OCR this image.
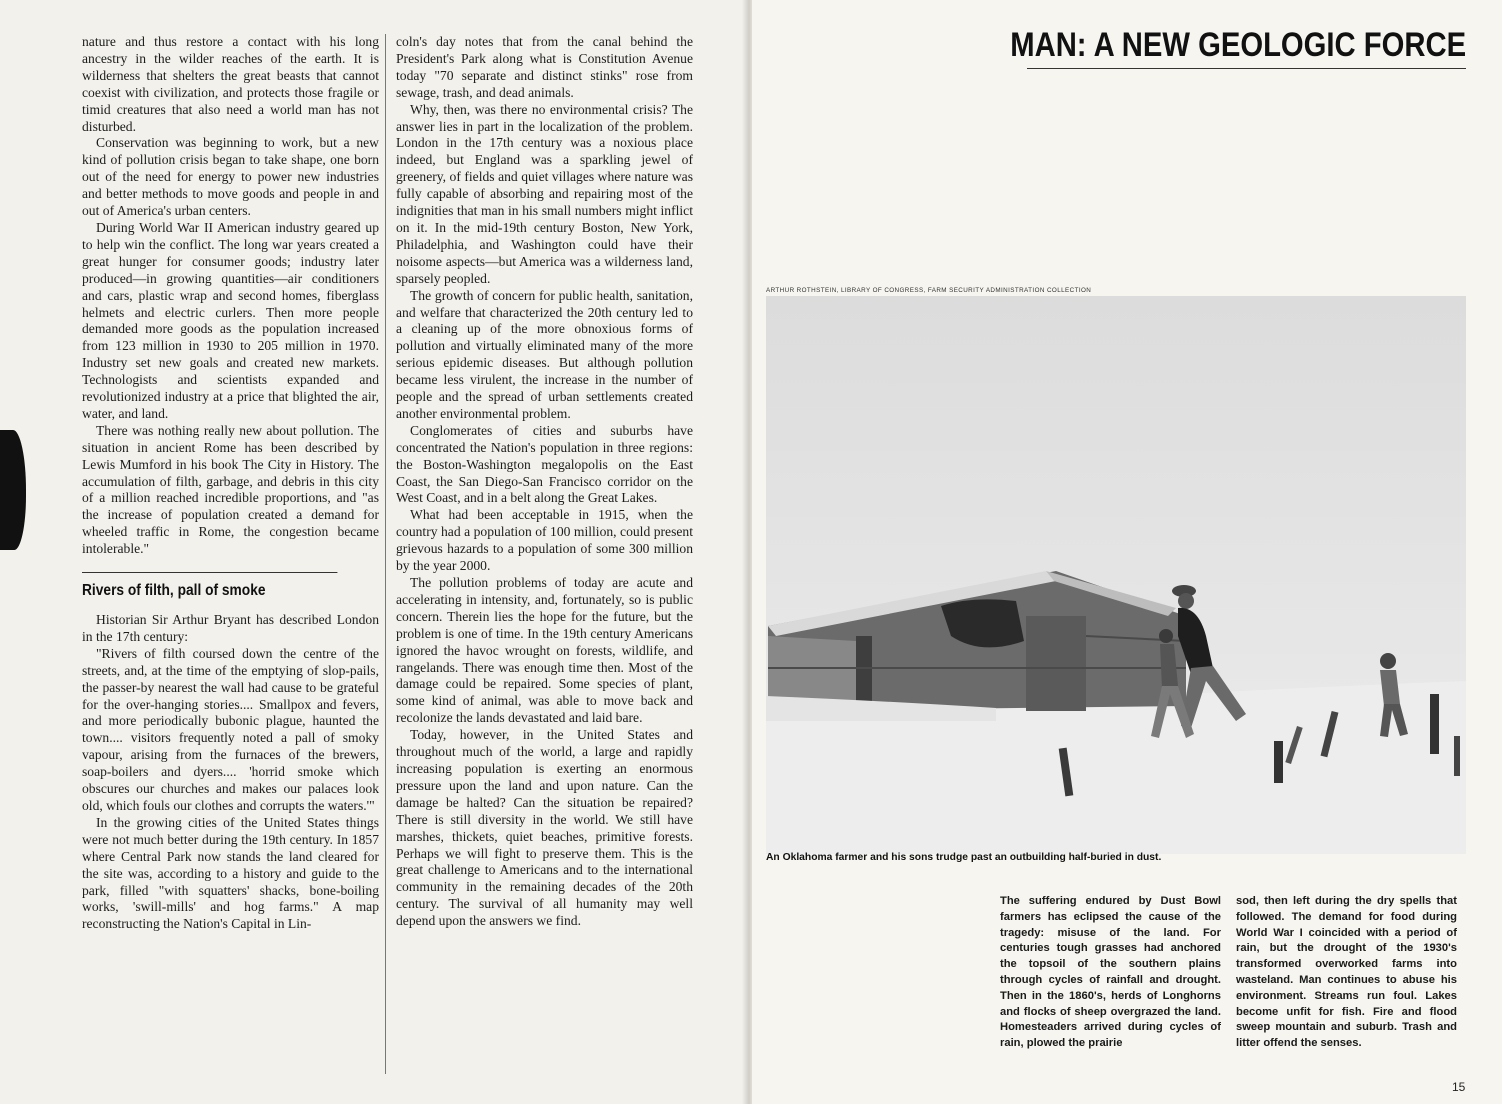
nature and thus restore a contact with his long ancestry in the wilder reaches of the earth. It is wilderness that shelters the great beasts that cannot coexist with civilization, and protects those fragile or timid creatures that also need a world man has not disturbed.

Conservation was beginning to work, but a new kind of pollution crisis began to take shape, one born out of the need for energy to power new industries and better methods to move goods and people in and out of America's urban centers.

During World War II American industry geared up to help win the conflict. The long war years created a great hunger for consumer goods; industry later produced—in growing quantities—air conditioners and cars, plastic wrap and second homes, fiberglass helmets and electric curlers. Then more people demanded more goods as the population increased from 123 million in 1930 to 205 million in 1970. Industry set new goals and created new markets. Technologists and scientists expanded and revolutionized industry at a price that blighted the air, water, and land.

There was nothing really new about pollution. The situation in ancient Rome has been described by Lewis Mumford in his book The City in History. The accumulation of filth, garbage, and debris in this city of a million reached incredible proportions, and "as the increase of population created a demand for wheeled traffic in Rome, the congestion became intolerable."

Rivers of filth, pall of smoke

Historian Sir Arthur Bryant has described London in the 17th century:

"Rivers of filth coursed down the centre of the streets, and, at the time of the emptying of slop-pails, the passer-by nearest the wall had cause to be grateful for the over-hanging stories.... Smallpox and fevers, and more periodically bubonic plague, haunted the town.... visitors frequently noted a pall of smoky vapour, arising from the furnaces of the brewers, soap-boilers and dyers.... 'horrid smoke which obscures our churches and makes our palaces look old, which fouls our clothes and corrupts the waters.'"

In the growing cities of the United States things were not much better during the 19th century. In 1857 where Central Park now stands the land cleared for the site was, according to a history and guide to the park, filled "with squatters' shacks, bone-boiling works, 'swill-mills' and hog farms." A map reconstructing the Nation's Capital in Lin-

coln's day notes that from the canal behind the President's Park along what is Constitution Avenue today "70 separate and distinct stinks" rose from sewage, trash, and dead animals.

Why, then, was there no environmental crisis? The answer lies in part in the localization of the problem. London in the 17th century was a noxious place indeed, but England was a sparkling jewel of greenery, of fields and quiet villages where nature was fully capable of absorbing and repairing most of the indignities that man in his small numbers might inflict on it. In the mid-19th century Boston, New York, Philadelphia, and Washington could have their noisome aspects—but America was a wilderness land, sparsely peopled.

The growth of concern for public health, sanitation, and welfare that characterized the 20th century led to a cleaning up of the more obnoxious forms of pollution and virtually eliminated many of the more serious epidemic diseases. But although pollution became less virulent, the increase in the number of people and the spread of urban settlements created another environmental problem.

Conglomerates of cities and suburbs have concentrated the Nation's population in three regions: the Boston-Washington megalopolis on the East Coast, the San Diego-San Francisco corridor on the West Coast, and in a belt along the Great Lakes.

What had been acceptable in 1915, when the country had a population of 100 million, could present grievous hazards to a population of some 300 million by the year 2000.

The pollution problems of today are acute and accelerating in intensity, and, fortunately, so is public concern. Therein lies the hope for the future, but the problem is one of time. In the 19th century Americans ignored the havoc wrought on forests, wildlife, and rangelands. There was enough time then. Most of the damage could be repaired. Some species of plant, some kind of animal, was able to move back and recolonize the lands devastated and laid bare.

Today, however, in the United States and throughout much of the world, a large and rapidly increasing population is exerting an enormous pressure upon the land and upon nature. Can the damage be halted? Can the situation be repaired? There is still diversity in the world. We still have marshes, thickets, quiet beaches, primitive forests. Perhaps we will fight to preserve them. This is the great challenge to Americans and to the international community in the remaining decades of the 20th century. The survival of all humanity may well depend upon the answers we find.

MAN: A NEW GEOLOGIC FORCE
ARTHUR ROTHSTEIN, LIBRARY OF CONGRESS, FARM SECURITY ADMINISTRATION COLLECTION
An Oklahoma farmer and his sons trudge past an outbuilding half-buried in dust.

The suffering endured by Dust Bowl farmers has eclipsed the cause of the tragedy: misuse of the land. For centuries tough grasses had anchored the topsoil of the southern plains through cycles of rainfall and drought. Then in the 1860's, herds of Longhorns and flocks of sheep overgrazed the land. Homesteaders arrived during cycles of rain, plowed the prairie

sod, then left during the dry spells that followed. The demand for food during World War I coincided with a period of rain, but the drought of the 1930's transformed overworked farms into wasteland. Man continues to abuse his environment. Streams run foul. Lakes become unfit for fish. Fire and flood sweep mountain and suburb. Trash and litter offend the senses.

15
